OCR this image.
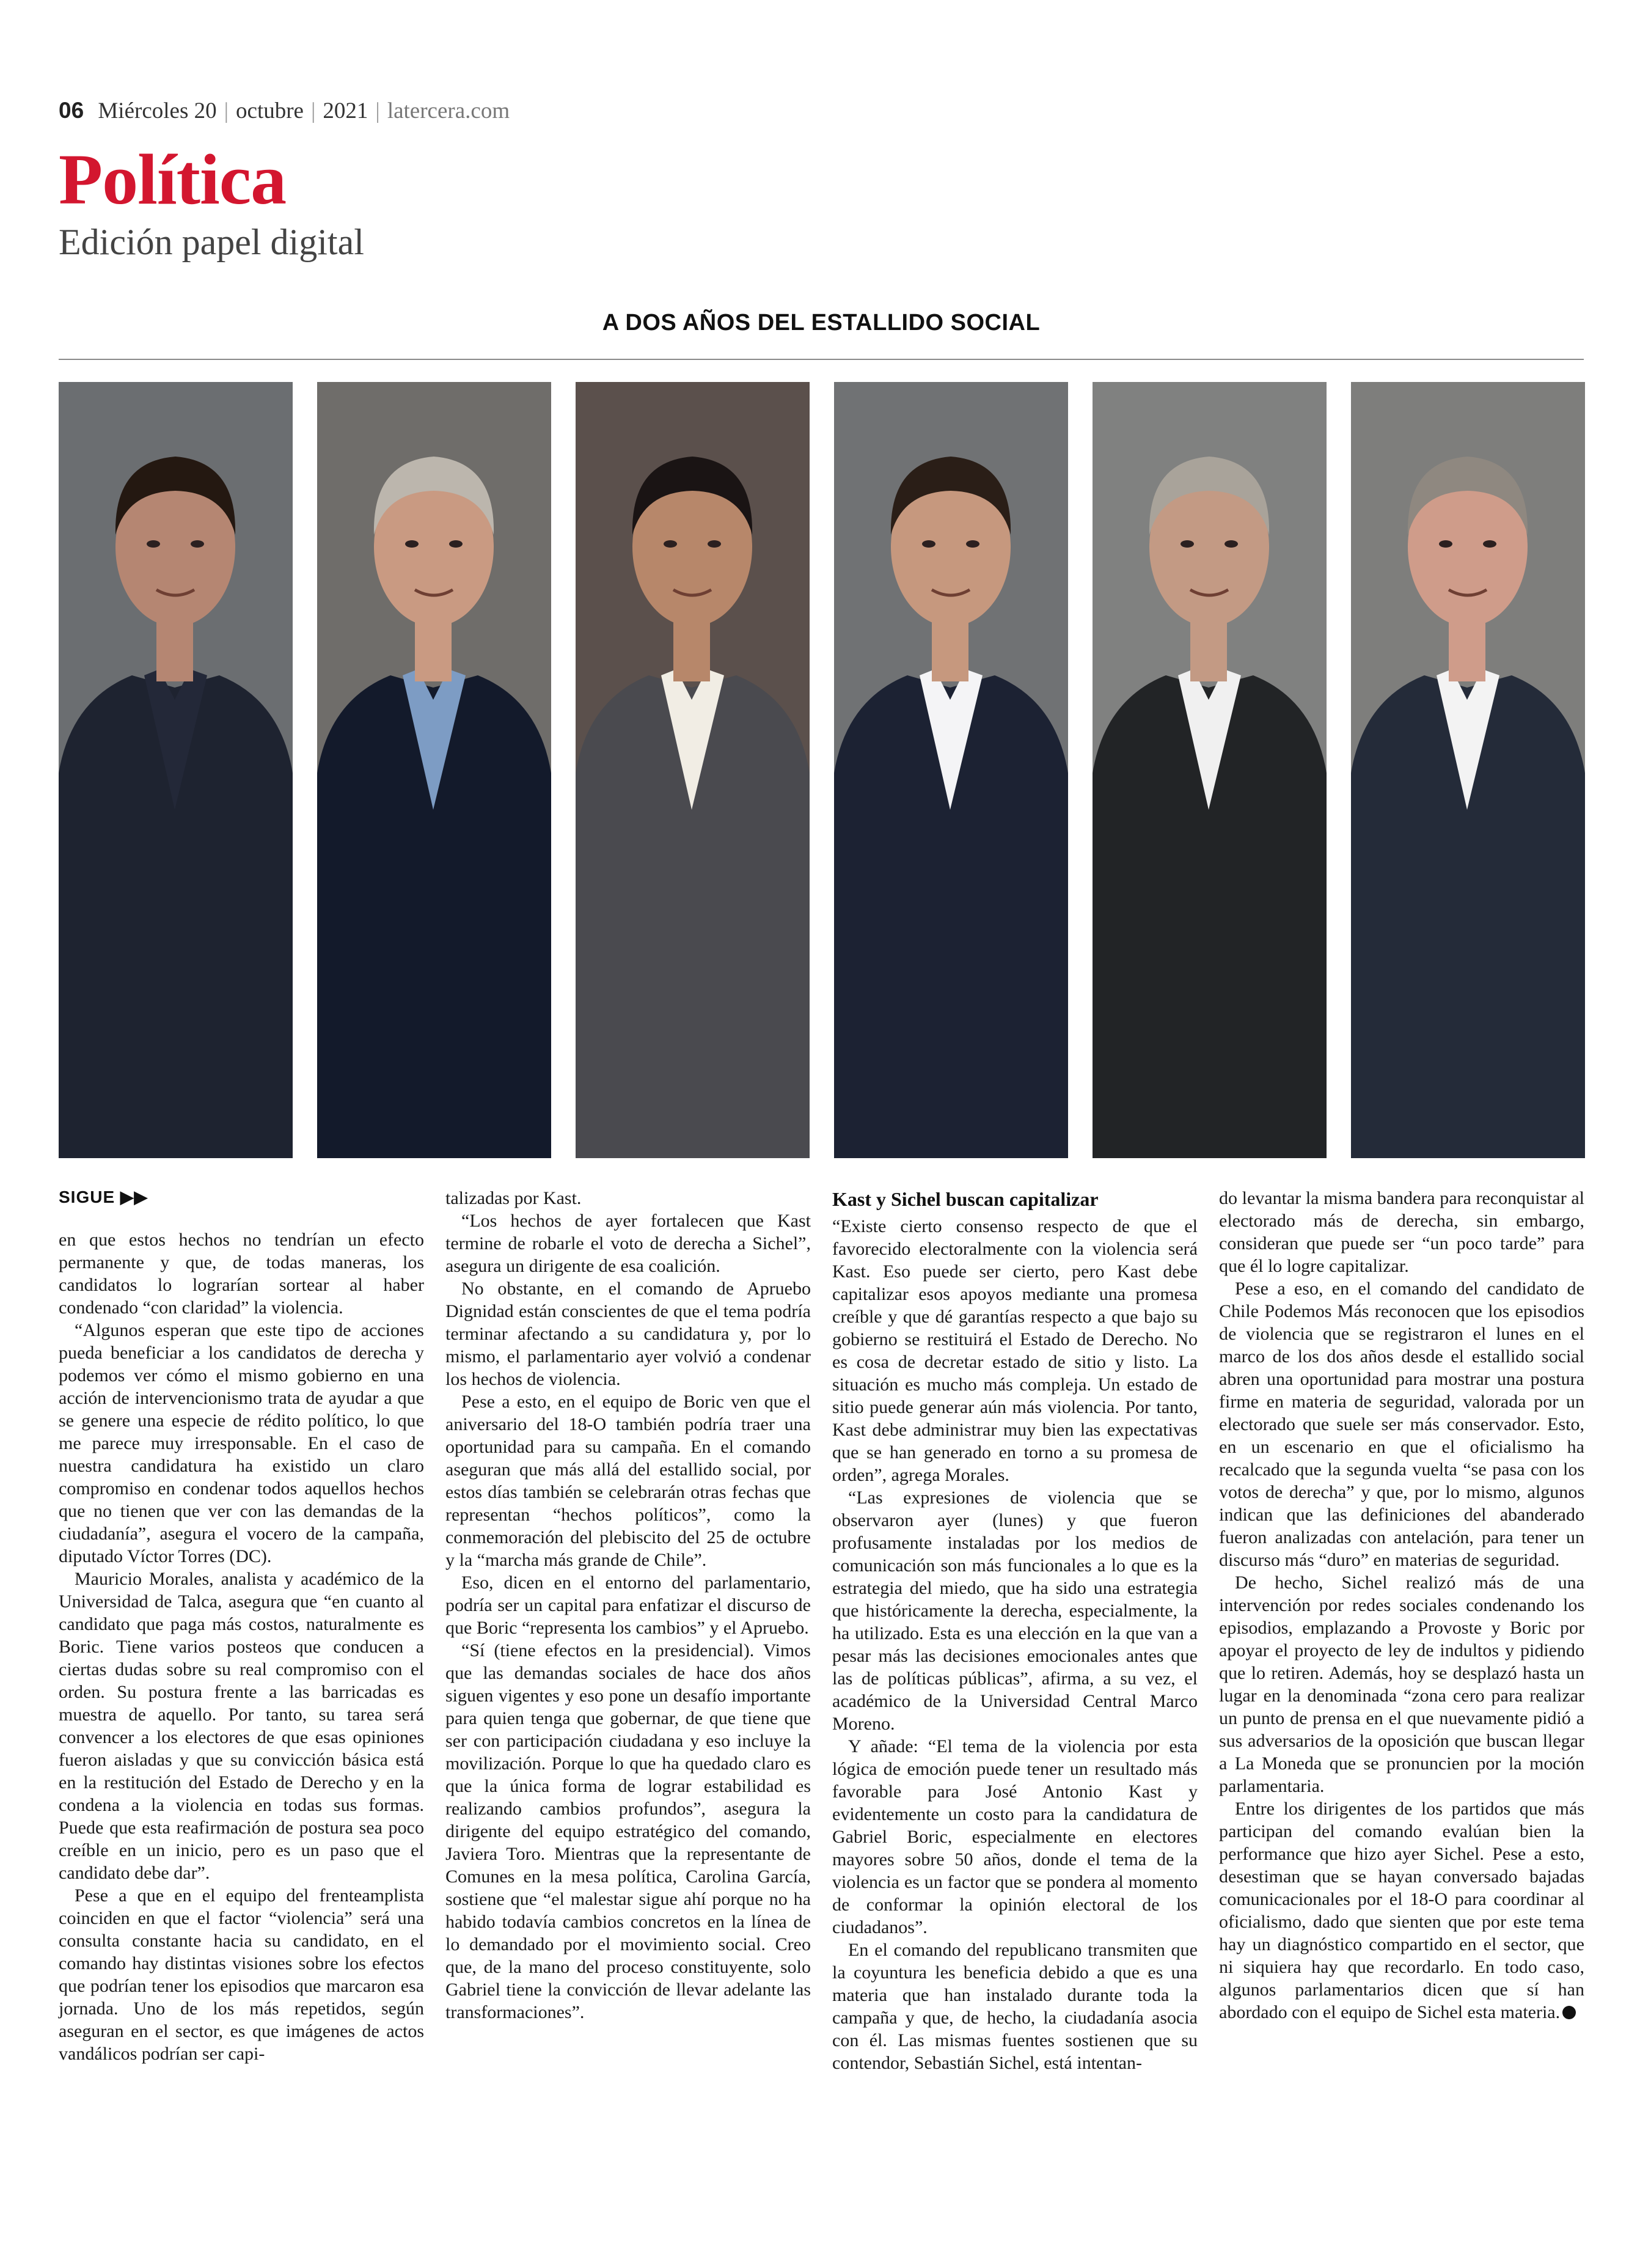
06 Miércoles 20 | octubre | 2021 | latercera.com
Política
Edición papel digital
A DOS AÑOS DEL ESTALLIDO SOCIAL
SIGUE ▶▶

en que estos hechos no tendrían un efecto permanente y que, de todas maneras, los candidatos lo lograrían sortear al haber condenado “con claridad” la violencia.

“Algunos esperan que este tipo de acciones pueda beneficiar a los candidatos de derecha y podemos ver cómo el mismo gobierno en una acción de intervencionismo trata de ayudar a que se genere una especie de rédito político, lo que me parece muy irresponsable. En el caso de nuestra candidatura ha existido un claro compromiso en condenar todos aquellos hechos que no tienen que ver con las demandas de la ciudadanía”, asegura el vocero de la campaña, diputado Víctor Torres (DC).

Mauricio Morales, analista y académico de la Universidad de Talca, asegura que “en cuanto al candidato que paga más costos, naturalmente es Boric. Tiene varios posteos que conducen a ciertas dudas sobre su real compromiso con el orden. Su postura frente a las barricadas es muestra de aquello. Por tanto, su tarea será convencer a los electores de que esas opiniones fueron aisladas y que su convicción básica está en la restitución del Estado de Derecho y en la condena a la violencia en todas sus formas. Puede que esta reafirmación de postura sea poco creíble en un inicio, pero es un paso que el candidato debe dar”.

Pese a que en el equipo del frenteamplista coinciden en que el factor “violencia” será una consulta constante hacia su candidato, en el comando hay distintas visiones sobre los efectos que podrían tener los episodios que marcaron esa jornada. Uno de los más repetidos, según aseguran en el sector, es que imágenes de actos vandálicos podrían ser capi-

talizadas por Kast.

“Los hechos de ayer fortalecen que Kast termine de robarle el voto de derecha a Sichel”, asegura un dirigente de esa coalición.

No obstante, en el comando de Apruebo Dignidad están conscientes de que el tema podría terminar afectando a su candidatura y, por lo mismo, el parlamentario ayer volvió a condenar los hechos de violencia.

Pese a esto, en el equipo de Boric ven que el aniversario del 18-O también podría traer una oportunidad para su campaña. En el comando aseguran que más allá del estallido social, por estos días también se celebrarán otras fechas que representan “hechos políticos”, como la conmemoración del plebiscito del 25 de octubre y la “marcha más grande de Chile”.

Eso, dicen en el entorno del parlamentario, podría ser un capital para enfatizar el discurso de que Boric “representa los cambios” y el Apruebo.

“Sí (tiene efectos en la presidencial). Vimos que las demandas sociales de hace dos años siguen vigentes y eso pone un desafío importante para quien tenga que gobernar, de que tiene que ser con participación ciudadana y eso incluye la movilización. Porque lo que ha quedado claro es que la única forma de lograr estabilidad es realizando cambios profundos”, asegura la dirigente del equipo estratégico del comando, Javiera Toro. Mientras que la representante de Comunes en la mesa política, Carolina García, sostiene que “el malestar sigue ahí porque no ha habido todavía cambios concretos en la línea de lo demandado por el movimiento social. Creo que, de la mano del proceso constituyente, solo Gabriel tiene la convicción de llevar adelante las transformaciones”.

Kast y Sichel buscan capitalizar

“Existe cierto consenso respecto de que el favorecido electoralmente con la violencia será Kast. Eso puede ser cierto, pero Kast debe capitalizar esos apoyos mediante una promesa creíble y que dé garantías respecto a que bajo su gobierno se restituirá el Estado de Derecho. No es cosa de decretar estado de sitio y listo. La situación es mucho más compleja. Un estado de sitio puede generar aún más violencia. Por tanto, Kast debe administrar muy bien las expectativas que se han generado en torno a su promesa de orden”, agrega Morales.

“Las expresiones de violencia que se observaron ayer (lunes) y que fueron profusamente instaladas por los medios de comunicación son más funcionales a lo que es la estrategia del miedo, que ha sido una estrategia que históricamente la derecha, especialmente, la ha utilizado. Esta es una elección en la que van a pesar más las decisiones emocionales antes que las de políticas públicas”, afirma, a su vez, el académico de la Universidad Central Marco Moreno.

Y añade: “El tema de la violencia por esta lógica de emoción puede tener un resultado más favorable para José Antonio Kast y evidentemente un costo para la candidatura de Gabriel Boric, especialmente en electores mayores sobre 50 años, donde el tema de la violencia es un factor que se pondera al momento de conformar la opinión electoral de los ciudadanos”.

En el comando del republicano transmiten que la coyuntura les beneficia debido a que es una materia que han instalado durante toda la campaña y que, de hecho, la ciudadanía asocia con él. Las mismas fuentes sostienen que su contendor, Sebastián Sichel, está intentan-

do levantar la misma bandera para reconquistar al electorado más de derecha, sin embargo, consideran que puede ser “un poco tarde” para que él lo logre capitalizar.

Pese a eso, en el comando del candidato de Chile Podemos Más reconocen que los episodios de violencia que se registraron el lunes en el marco de los dos años desde el estallido social abren una oportunidad para mostrar una postura firme en materia de seguridad, valorada por un electorado que suele ser más conservador. Esto, en un escenario en que el oficialismo ha recalcado que la segunda vuelta “se pasa con los votos de derecha” y que, por lo mismo, algunos indican que las definiciones del abanderado fueron analizadas con antelación, para tener un discurso más “duro” en materias de seguridad.

De hecho, Sichel realizó más de una intervención por redes sociales condenando los episodios, emplazando a Provoste y Boric por apoyar el proyecto de ley de indultos y pidiendo que lo retiren. Además, hoy se desplazó hasta un lugar en la denominada “zona cero para realizar un punto de prensa en el que nuevamente pidió a sus adversarios de la oposición que buscan llegar a La Moneda que se pronuncien por la moción parlamentaria.

Entre los dirigentes de los partidos que más participan del comando evalúan bien la performance que hizo ayer Sichel. Pese a esto, desestiman que se hayan conversado bajadas comunicacionales por el 18-O para coordinar al oficialismo, dado que sienten que por este tema hay un diagnóstico compartido en el sector, que ni siquiera hay que recordarlo. En todo caso, algunos parlamentarios dicen que sí han abordado con el equipo de Sichel esta materia.
